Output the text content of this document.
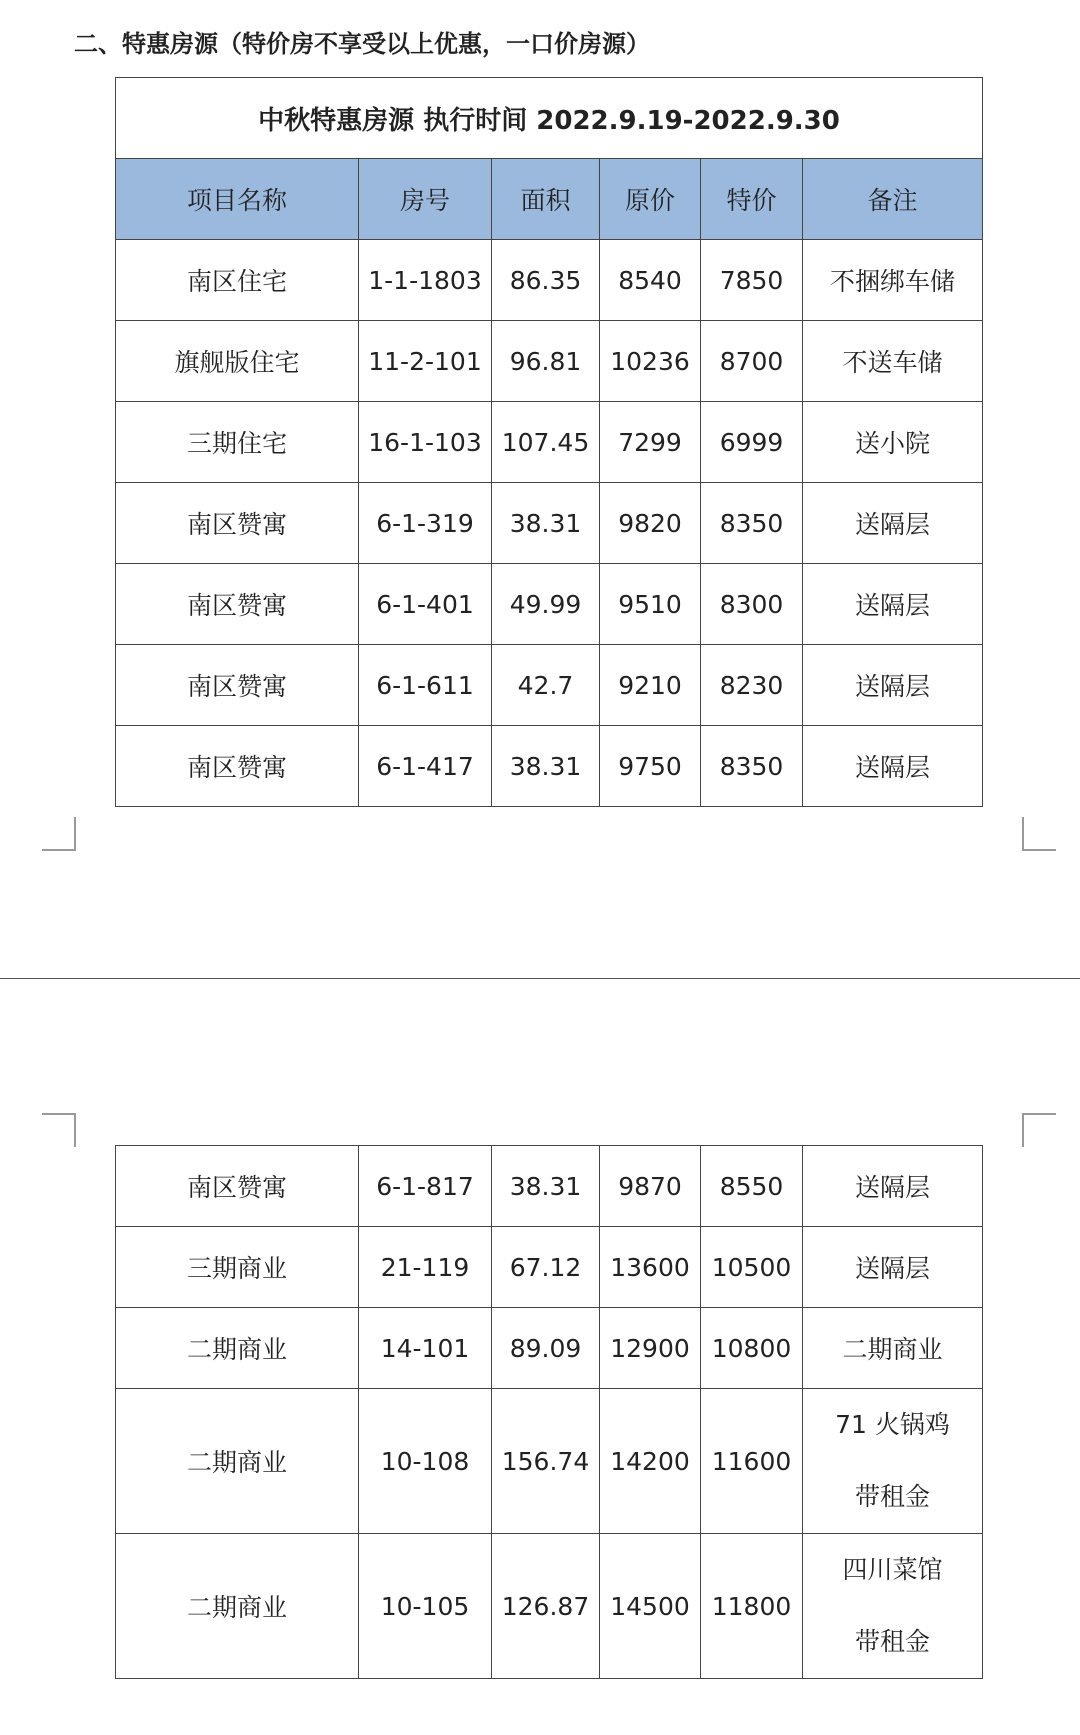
二、特惠房源（特价房不享受以上优惠，一口价房源）
中秋特惠房源 执行时间 2022.9.19-2022.9.30					
项目名称	房号	面积	原价	特价	备注
南区住宅	1-1-1803	86.35	8540	7850	不捆绑车储
旗舰版住宅	11-2-101	96.81	10236	8700	不送车储
三期住宅	16-1-103	107.45	7299	6999	送小院
南区赞寓	6-1-319	38.31	9820	8350	送隔层
南区赞寓	6-1-401	49.99	9510	8300	送隔层
南区赞寓	6-1-611	42.7	9210	8230	送隔层
南区赞寓	6-1-417	38.31	9750	8350	送隔层
南区赞寓	6-1-817	38.31	9870	8550	送隔层
三期商业	21-119	67.12	13600	10500	送隔层
二期商业	14-101	89.09	12900	10800	二期商业
二期商业	10-108	156.74	14200	11600	71 火锅鸡
带租金

二期商业	10-105	126.87	14500	11800	四川菜馆
带租金
